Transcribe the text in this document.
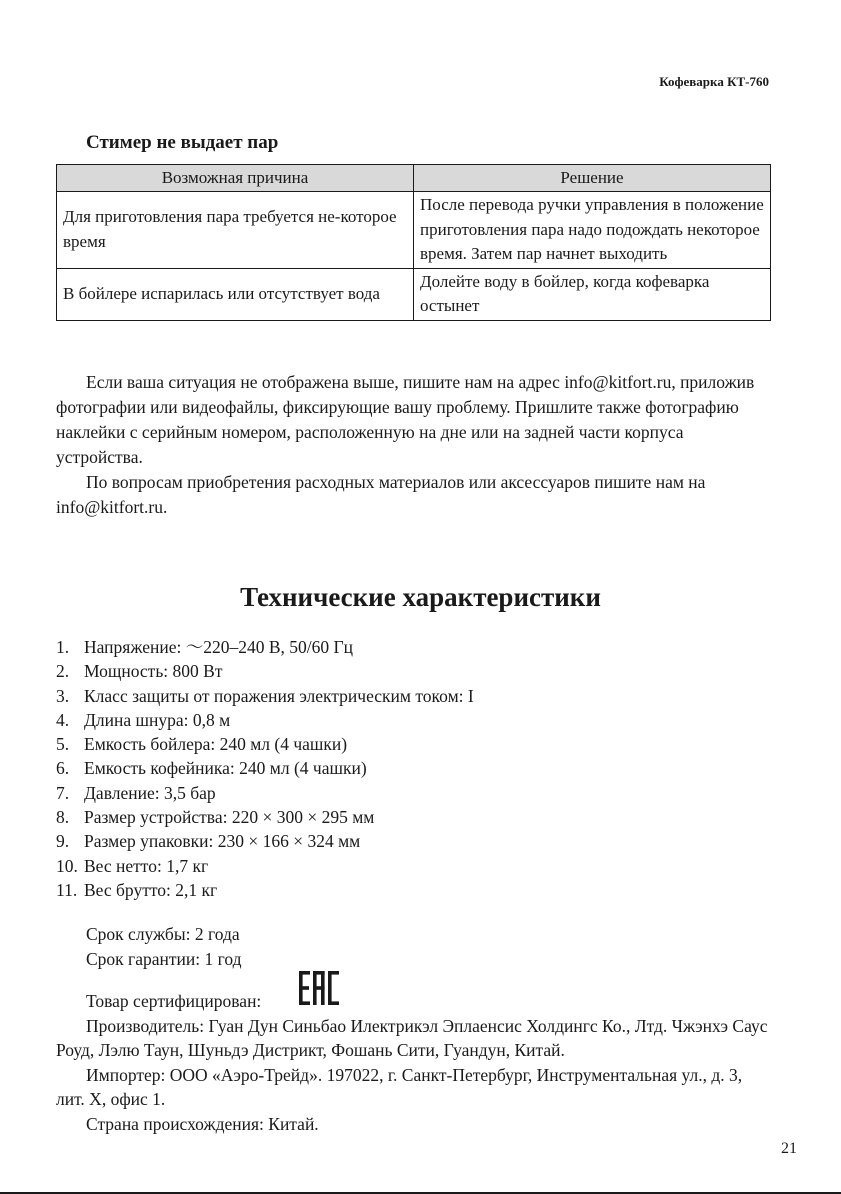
Кофеварка КТ-760
Стимер не выдает пар
Возможная причина	Решение
Для приготовления пара требуется не-которое время	После перевода ручки управления в положение приготовления пара надо подождать некоторое время. Затем пар начнет выходить
В бойлере испарилась или отсутствует вода	Долейте воду в бойлер, когда кофеварка остынет

Если ваша ситуация не отображена выше, пишите нам на адрес info@kitfort.ru, приложив фотографии или видеофайлы, фиксирующие вашу проблему. Пришлите также фотографию наклейки с серийным номером, расположенную на дне или на задней части корпуса устройства.

По вопросам приобретения расходных материалов или аксессуаров пишите нам на info@kitfort.ru.

Технические характеристики
1. Напряжение: ～220–240 В, 50/60 Гц
2. Мощность: 800 Вт
3. Класс защиты от поражения электрическим током: I
4. Длина шнура: 0,8 м
5. Емкость бойлера: 240 мл (4 чашки)
6. Емкость кофейника: 240 мл (4 чашки)
7. Давление: 3,5 бар
8. Размер устройства: 220 × 300 × 295 мм
9. Размер упаковки: 230 × 166 × 324 мм
10. Вес нетто: 1,7 кг
11. Вес брутто: 2,1 кг

Срок службы: 2 года

Срок гарантии: 1 год

Товар сертифицирован:

Производитель: Гуан Дун Синьбао Илектрикэл Эплаенсис Холдингс Ко., Лтд. Чжэнхэ Саус Роуд, Лэлю Таун, Шуньдэ Дистрикт, Фошань Сити, Гуандун, Китай.

Импортер: ООО «Аэро-Трейд». 197022, г. Санкт-Петербург, Инструментальная ул., д. 3, лит. Х, офис 1.

Страна происхождения: Китай.

21
